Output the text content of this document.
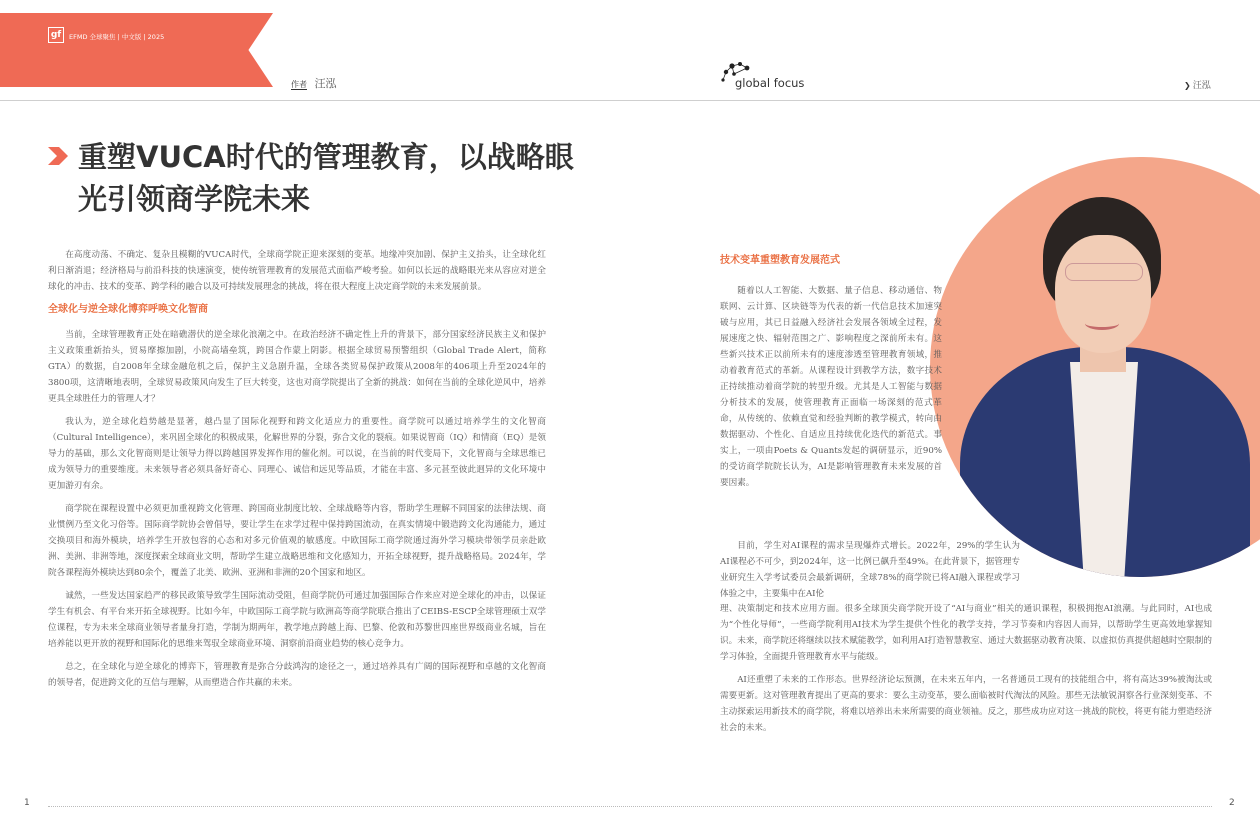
gf	EFMD 全球聚焦 | 中文版 | 2025
作者 汪泓	global focus	❯ 汪泓
重塑VUCA时代的管理教育，以战略眼光引领商学院未来

在高度动荡、不确定、复杂且模糊的VUCA时代，全球商学院正迎来深刻的变革。地缘冲突加剧、保护主义抬头，让全球化红利日渐消退；经济格局与前沿科技的快速演变，使传统管理教育的发展范式面临严峻考验。如何以长远的战略眼光来从容应对逆全球化的冲击、技术的变革、跨学科的融合以及可持续发展理念的挑战，将在很大程度上决定商学院的未来发展前景。

全球化与逆全球化博弈呼唤文化智商

当前，全球管理教育正处在暗礁潜伏的逆全球化浪潮之中。在政治经济不确定性上升的背景下，部分国家经济民族主义和保护主义政策重新抬头，贸易摩擦加剧，小院高墙垒筑，跨国合作蒙上阴影。根据全球贸易预警组织（Global Trade Alert，简称GTA）的数据，自2008年全球金融危机之后，保护主义急剧升温，全球各类贸易保护政策从2008年的406项上升至2024年的3800项，这清晰地表明，全球贸易政策风向发生了巨大转变，这也对商学院提出了全新的挑战：如何在当前的全球化逆风中，培养更具全球胜任力的管理人才？

我认为，逆全球化趋势越是显著，越凸显了国际化视野和跨文化适应力的重要性。商学院可以通过培养学生的文化智商（Cultural Intelligence），来巩固全球化的积极成果，化解世界的分裂，弥合文化的裂痕。如果说智商（IQ）和情商（EQ）是领导力的基础，那么文化智商则是让领导力得以跨越国界发挥作用的催化剂。可以说，在当前的时代变局下，文化智商与全球思维已成为领导力的重要维度。未来领导者必须具备好奇心、同理心、诚信和远见等品质，才能在丰富、多元甚至彼此迥异的文化环境中更加游刃有余。

商学院在课程设置中必须更加重视跨文化管理、跨国商业制度比较、全球战略等内容，帮助学生理解不同国家的法律法规、商业惯例乃至文化习俗等。国际商学院协会曾倡导，要让学生在求学过程中保持跨国流动，在真实情境中锻造跨文化沟通能力，通过交换项目和海外模块，培养学生开放包容的心态和对多元价值观的敏感度。中欧国际工商学院通过海外学习模块带领学员亲赴欧洲、美洲、非洲等地，深度探索全球商业文明，帮助学生建立战略思维和文化感知力，开拓全球视野，提升战略格局。2024年，学院各课程海外模块达到80余个，覆盖了北美、欧洲、亚洲和非洲的20个国家和地区。

诚然，一些发达国家趋严的移民政策导致学生国际流动受阻，但商学院仍可通过加强国际合作来应对逆全球化的冲击，以保证学生有机会、有平台来开拓全球视野。比如今年，中欧国际工商学院与欧洲高等商学院联合推出了CEIBS-ESCP全球管理硕士双学位课程，专为未来全球商业领导者量身打造，学制为期两年，教学地点跨越上海、巴黎、伦敦和苏黎世四座世界级商业名城，旨在培养能以更开放的视野和国际化的思维来驾驭全球商业环境、洞察前沿商业趋势的核心竞争力。

总之，在全球化与逆全球化的博弈下，管理教育是弥合分歧鸿沟的途径之一，通过培养具有广阔的国际视野和卓越的文化智商的领导者，促进跨文化的互信与理解，从而塑造合作共赢的未来。

技术变革重塑教育发展范式

随着以人工智能、大数据、量子信息、移动通信、物联网、云计算、区块链等为代表的新一代信息技术加速突破与应用，其已日益融入经济社会发展各领域全过程，发展速度之快、辐射范围之广、影响程度之深前所未有。这些新兴技术正以前所未有的速度渗透至管理教育领域，推动着教育范式的革新。从课程设计到教学方法，数字技术正持续推动着商学院的转型升级。尤其是人工智能与数据分析技术的发展，使管理教育正面临一场深刻的范式革命，从传统的、依赖直觉和经验判断的教学模式，转向由数据驱动、个性化、自适应且持续优化迭代的新范式。事实上，一项由Poets & Quants发起的调研显示，近90%的受访商学院院长认为，AI是影响管理教育未来发展的首要因素。

目前，学生对AI课程的需求呈现爆炸式增长。2022年，29%的学生认为AI课程必不可少，到2024年，这一比例已飙升至49%。在此背景下，据管理专业研究生入学考试委员会最新调研，全球78%的商学院已将AI融入课程或学习体验之中，主要集中在AI伦

理、决策制定和技术应用方面。很多全球顶尖商学院开设了“AI与商业”相关的通识课程，积极拥抱AI浪潮。与此同时，AI也成为“个性化导师”，一些商学院利用AI技术为学生提供个性化的教学支持，学习节奏和内容因人而异，以帮助学生更高效地掌握知识。未来，商学院还将继续以技术赋能教学，如利用AI打造智慧教室、通过大数据驱动教育决策、以虚拟仿真提供超越时空限制的学习体验，全面提升管理教育水平与能级。

AI还重塑了未来的工作形态。世界经济论坛预测，在未来五年内，一名普通员工现有的技能组合中，将有高达39%被淘汰或需要更新。这对管理教育提出了更高的要求：要么主动变革，要么面临被时代淘汰的风险。那些无法敏锐洞察各行业深刻变革、不主动探索运用新技术的商学院，将难以培养出未来所需要的商业领袖。反之，那些成功应对这一挑战的院校，将更有能力塑造经济社会的未来。

1	2
